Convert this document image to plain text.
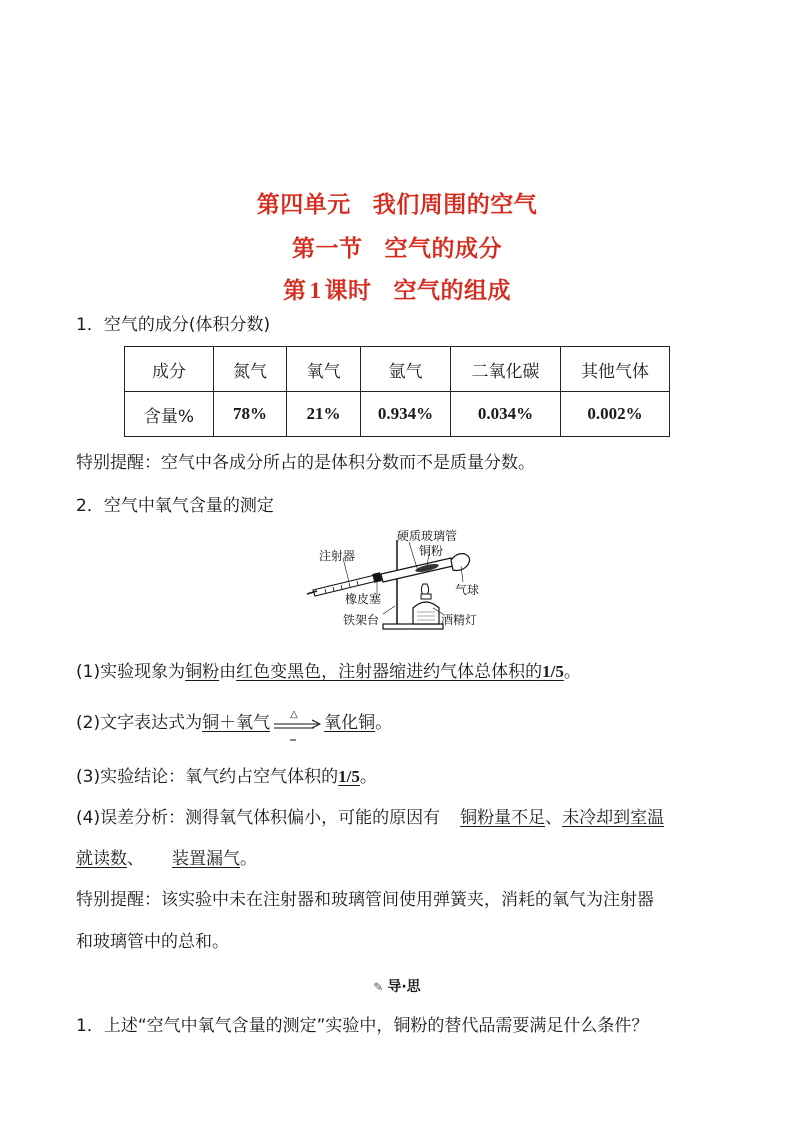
第四单元 我们周围的空气
第一节 空气的成分
第 1 课时 空气的组成
1．空气的成分(体积分数)
成分	氮气	氧气	氩气	二氧化碳	其他气体
含量%	78%	21%	0.934%	0.034%	0.002%
特别提醒：空气中各成分所占的是体积分数而不是质量分数。
2．空气中氧气含量的测定
注射器
硬质玻璃管
铜粉
气球
橡皮塞
铁架台	酒精灯
(1)实验现象为铜粉由红色变黑色，注射器缩进约气体总体积的1/5。
(2)文字表达式为铜＋氧气 △ 氧化铜。
(3)实验结论：氧气约占空气体积的1/5。
(4)误差分析：测得氧气体积偏小，可能的原因有 铜粉量不足、未冷却到室温
就读数、 装置漏气。
特别提醒：该实验中未在注射器和玻璃管间使用弹簧夹，消耗的氧气为注射器
和玻璃管中的总和。
✎ 导·思
1．上述“空气中氧气含量的测定”实验中，铜粉的替代品需要满足什么条件？
